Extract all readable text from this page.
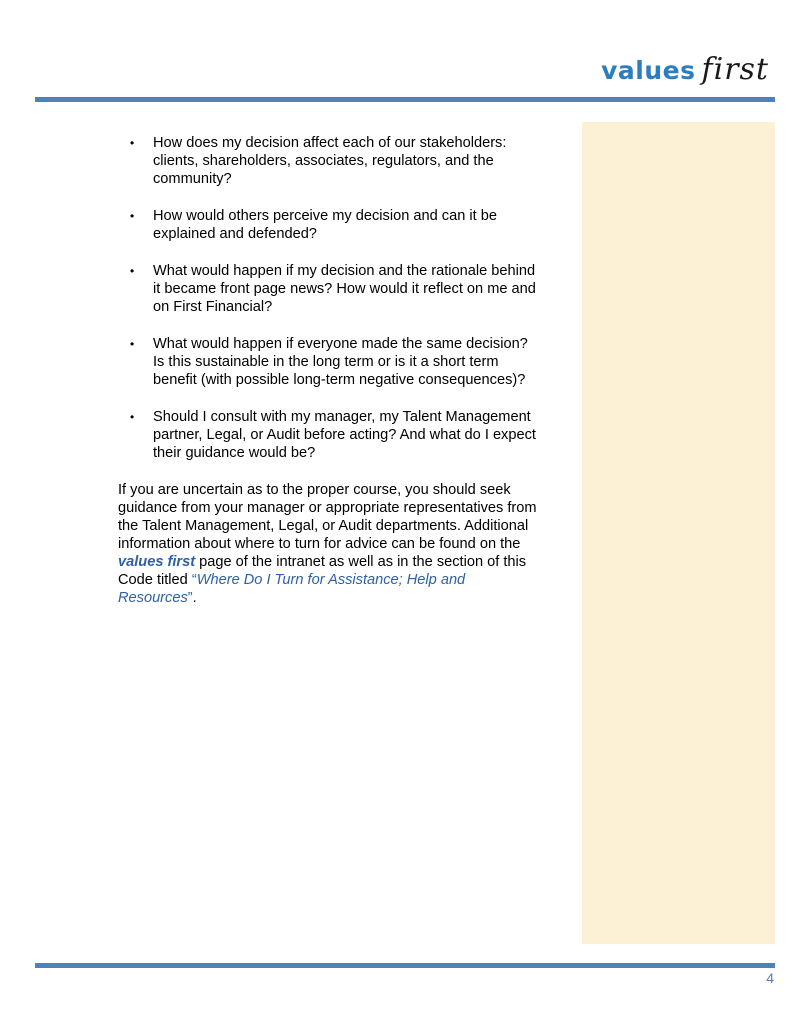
values first
• How does my decision affect each of our stakeholders: clients, shareholders, associates, regulators, and the community?
• How would others perceive my decision and can it be explained and defended?
• What would happen if my decision and the rationale behind it became front page news? How would it reflect on me and on First Financial?
• What would happen if everyone made the same decision? Is this sustainable in the long term or is it a short term benefit (with possible long-term negative consequences)?
• Should I consult with my manager, my Talent Management partner, Legal, or Audit before acting? And what do I expect their guidance would be?

If you are uncertain as to the proper course, you should seek guidance from your manager or appropriate representatives from the Talent Management, Legal, or Audit departments. Additional information about where to turn for advice can be found on the values first page of the intranet as well as in the section of this Code titled “Where Do I Turn for Assistance; Help and Resources”.

4
